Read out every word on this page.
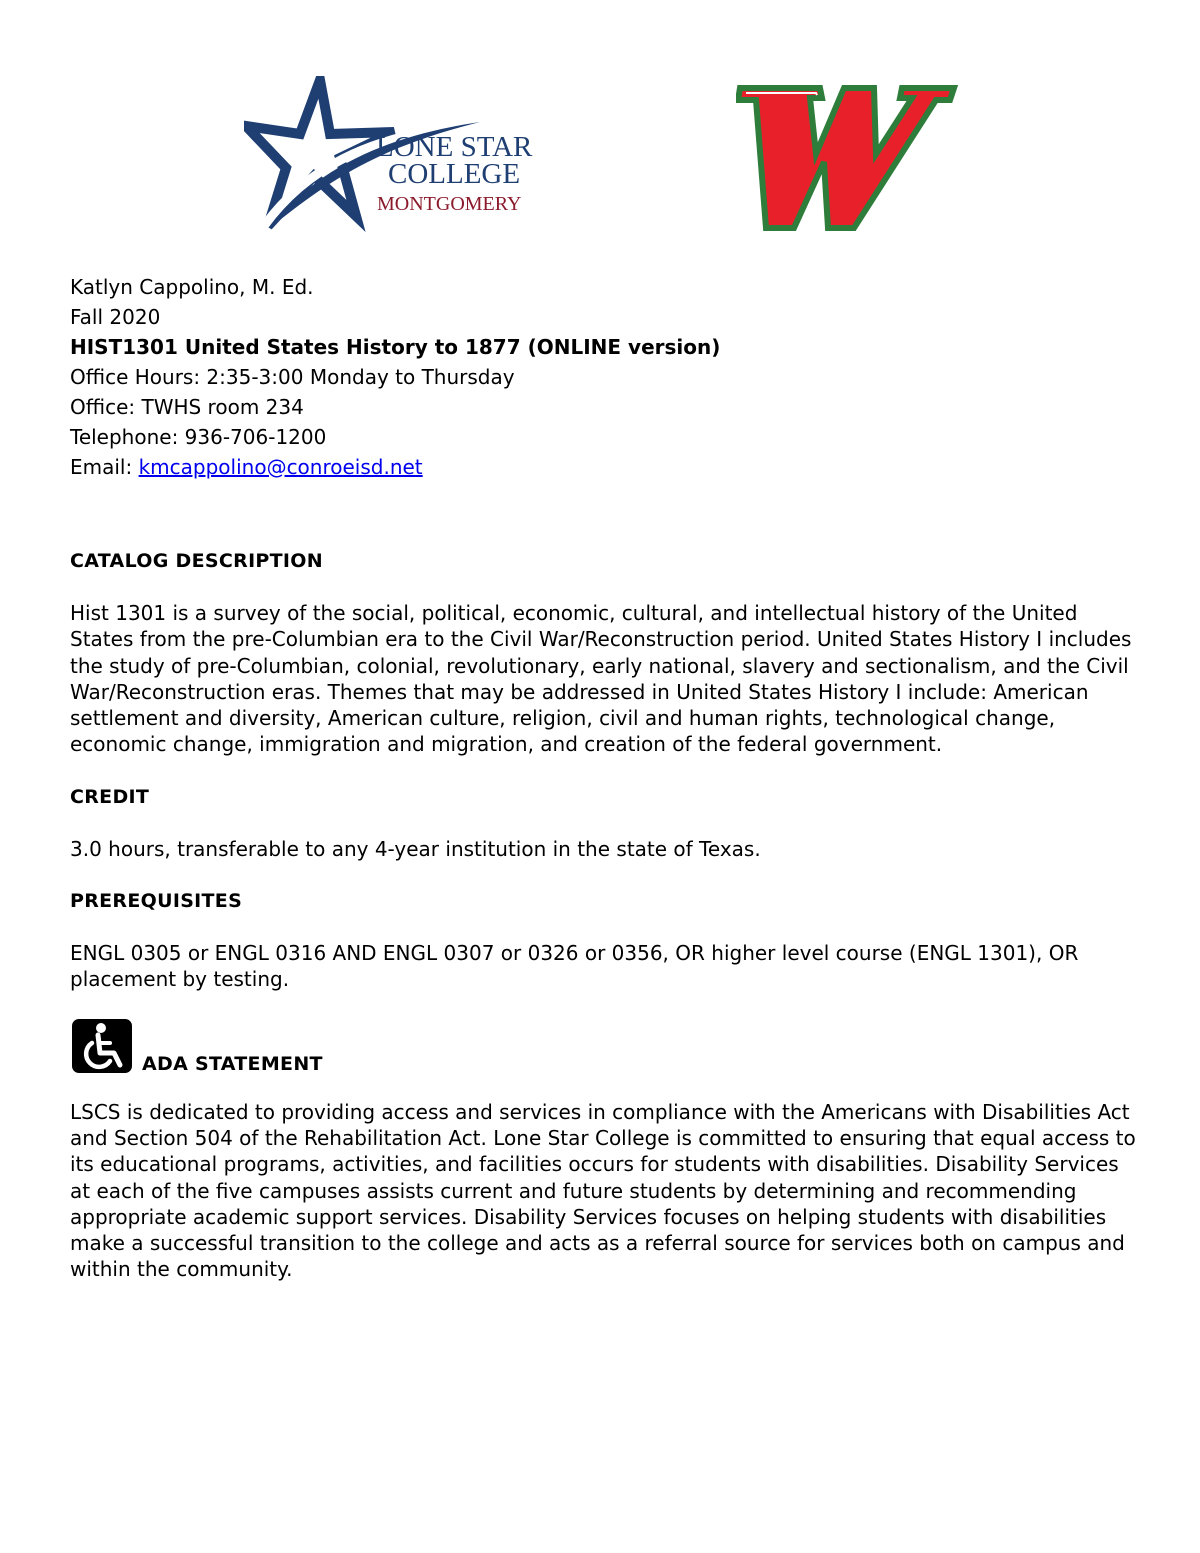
LONE STAR
COLLEGE
MONTGOMERY
Katlyn Cappolino, M. Ed.
Fall 2020
HIST1301 United States History to 1877 (ONLINE version)
Office Hours: 2:35-3:00 Monday to Thursday
Office: TWHS room 234
Telephone: 936-706-1200
Email: kmcappolino@conroeisd.net
CATALOG DESCRIPTION

Hist 1301 is a survey of the social, political, economic, cultural, and intellectual history of the United States from the pre-Columbian era to the Civil War/Reconstruction period. United States History I includes the study of pre-Columbian, colonial, revolutionary, early national, slavery and sectionalism, and the Civil War/Reconstruction eras. Themes that may be addressed in United States History I include: American settlement and diversity, American culture, religion, civil and human rights, technological change, economic change, immigration and migration, and creation of the federal government.

CREDIT

3.0 hours, transferable to any 4-year institution in the state of Texas.

PREREQUISITES

ENGL 0305 or ENGL 0316 AND ENGL 0307 or 0326 or 0356, OR higher level course (ENGL 1301), OR placement by testing.

ADA STATEMENT

LSCS is dedicated to providing access and services in compliance with the Americans with Disabilities Act and Section 504 of the Rehabilitation Act. Lone Star College is committed to ensuring that equal access to its educational programs, activities, and facilities occurs for students with disabilities. Disability Services at each of the five campuses assists current and future students by determining and recommending appropriate academic support services. Disability Services focuses on helping students with disabilities make a successful transition to the college and acts as a referral source for services both on campus and within the community.
